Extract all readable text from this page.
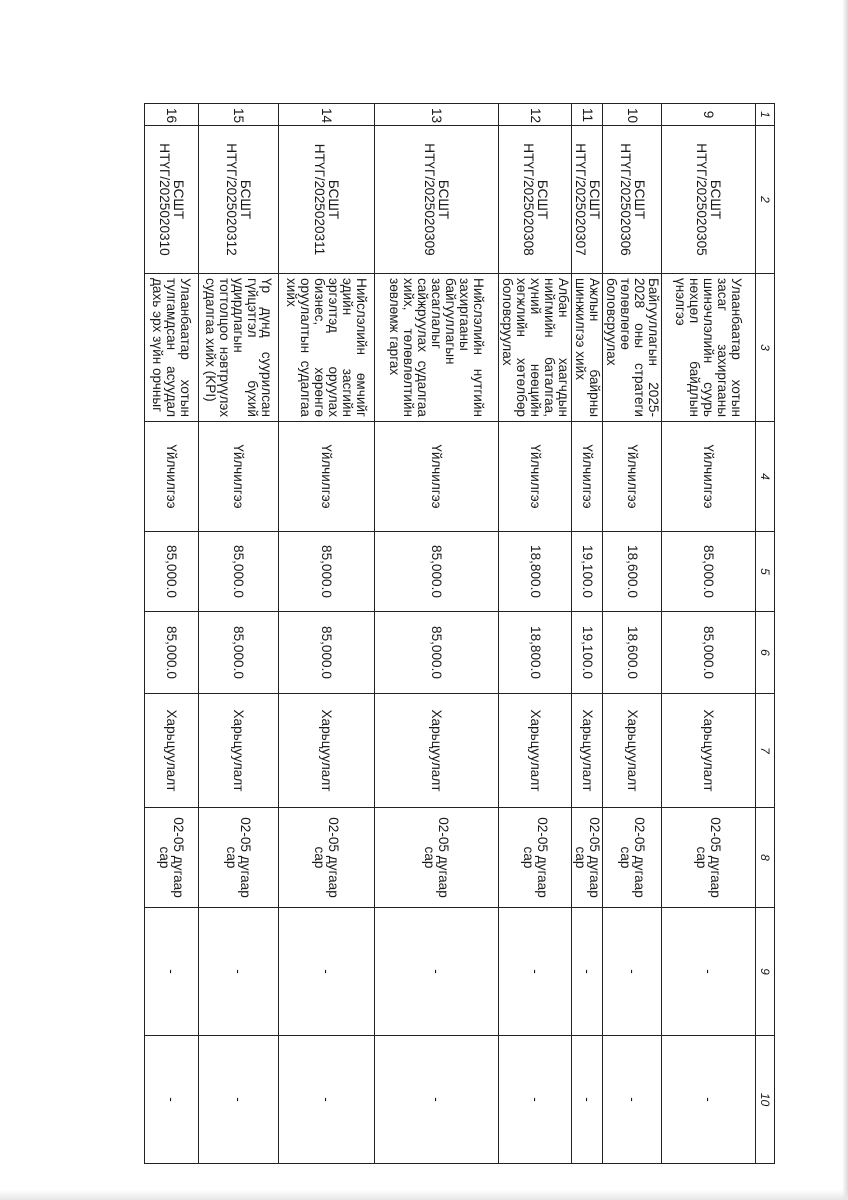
1	2	3	4	5	6	7	8	9	10
9	БСШТ НТҮГ/2025020305	Улаанбаатар хотын засаг захиргааны шинэчлэлийн суурь нөхцөл байдлын үнэлгээ	Үйлчилгээ	85,000.0	85,000.0	Харьцуулалт	02-05 дугаар сар	-	-
10	БСШТ НТҮГ/2025020306	Байгууллагын 2025-2028 оны стратеги төлөвлөгөө боловсруулах	Үйлчилгээ	18,600.0	18,600.0	Харьцуулалт	02-05 дугаар сар	-	-
11	БСШТ НТҮГ/2025020307	Ажлын байрны шинжилгээ хийх	Үйлчилгээ	19,100.0	19,100.0	Харьцуулалт	02-05 дугаар сар	-	-
12	БСШТ НТҮГ/2025020308	Албан хаагчдын нийгмийн баталгаа, хүний нөөцийн хөгжлийн хөтөлбөр боловсруулах	Үйлчилгээ	18,800.0	18,800.0	Харьцуулалт	02-05 дугаар сар	-	-
13	БСШТ НТҮГ/2025020309	Нийслэлийн нутгийн захиргааны байгууллагын засаглалыг сайжруулах судалгаа хийх, төлөвлөлтийн зөвлөмж гаргах	Үйлчилгээ	85,000.0	85,000.0	Харьцуулалт	02-05 дугаар сар	-	-
14	БСШТ НТҮГ/2025020311	Нийслэлийн өмчийг эдийн засгийн эргэлтэд оруулах бизнес, хөрөнгө оруулалтын судалгаа хийх	Үйлчилгээ	85,000.0	85,000.0	Харьцуулалт	02-05 дугаар сар	-	-
15	БСШТ НТҮГ/2025020312	Үр дүнд суурилсан гүйцэтгэл бүхий удирдлагын тогтолцоо нэвтрүүлэх судалгаа хийх (KPI)	Үйлчилгээ	85,000.0	85,000.0	Харьцуулалт	02-05 дугаар сар	-	-
16	БСШТ НТҮГ/2025020310	Улаанбаатар хотын тулгамдсан асуудал дахь эрх зүйн орчныг	Үйлчилгээ	85,000.0	85,000.0	Харьцуулалт	02-05 дугаар сар	-	-
